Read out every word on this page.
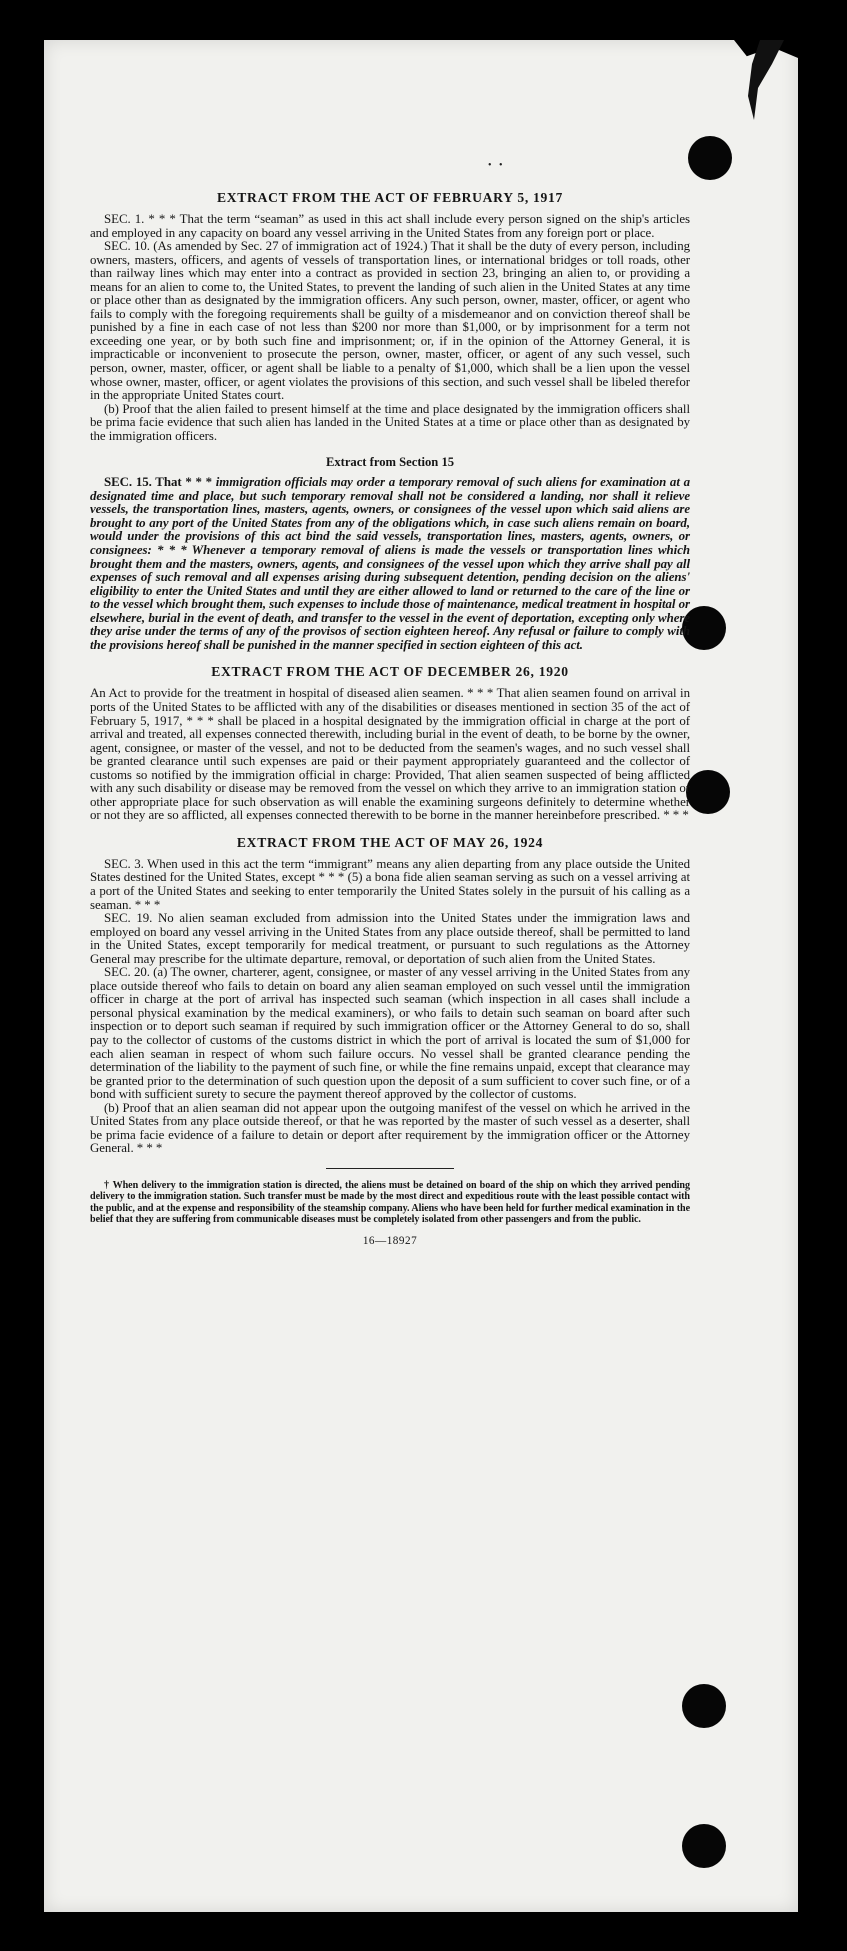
•   •
EXTRACT FROM THE ACT OF FEBRUARY 5, 1917

SEC. 1. * * * That the term “seaman” as used in this act shall include every person signed on the ship's articles and employed in any capacity on board any vessel arriving in the United States from any foreign port or place.

SEC. 10. (As amended by Sec. 27 of immigration act of 1924.) That it shall be the duty of every person, including owners, masters, officers, and agents of vessels of transportation lines, or international bridges or toll roads, other than railway lines which may enter into a contract as provided in section 23, bringing an alien to, or providing a means for an alien to come to, the United States, to prevent the landing of such alien in the United States at any time or place other than as designated by the immigration officers. Any such person, owner, master, officer, or agent who fails to comply with the foregoing requirements shall be guilty of a misdemeanor and on conviction thereof shall be punished by a fine in each case of not less than $200 nor more than $1,000, or by imprisonment for a term not exceeding one year, or by both such fine and imprisonment; or, if in the opinion of the Attorney General, it is impracticable or inconvenient to prosecute the person, owner, master, officer, or agent of any such vessel, such person, owner, master, officer, or agent shall be liable to a penalty of $1,000, which shall be a lien upon the vessel whose owner, master, officer, or agent violates the provisions of this section, and such vessel shall be libeled therefor in the appropriate United States court.

(b) Proof that the alien failed to present himself at the time and place designated by the immigration officers shall be prima facie evidence that such alien has landed in the United States at a time or place other than as designated by the immigration officers.

Extract from Section 15

SEC. 15. That * * * immigration officials may order a temporary removal of such aliens for examination at a designated time and place, but such temporary removal shall not be considered a landing, nor shall it relieve vessels, the transportation lines, masters, agents, owners, or consignees of the vessel upon which said aliens are brought to any port of the United States from any of the obligations which, in case such aliens remain on board, would under the provisions of this act bind the said vessels, transportation lines, masters, agents, owners, or consignees: * * * Whenever a temporary removal of aliens is made the vessels or transportation lines which brought them and the masters, owners, agents, and consignees of the vessel upon which they arrive shall pay all expenses of such removal and all expenses arising during subsequent detention, pending decision on the aliens' eligibility to enter the United States and until they are either allowed to land or returned to the care of the line or to the vessel which brought them, such expenses to include those of maintenance, medical treatment in hospital or elsewhere, burial in the event of death, and transfer to the vessel in the event of deportation, excepting only where they arise under the terms of any of the provisos of section eighteen hereof. Any refusal or failure to comply with the provisions hereof shall be punished in the manner specified in section eighteen of this act.

EXTRACT FROM THE ACT OF DECEMBER 26, 1920

An Act to provide for the treatment in hospital of diseased alien seamen. * * * That alien seamen found on arrival in ports of the United States to be afflicted with any of the disabilities or diseases mentioned in section 35 of the act of February 5, 1917, * * * shall be placed in a hospital designated by the immigration official in charge at the port of arrival and treated, all expenses connected therewith, including burial in the event of death, to be borne by the owner, agent, consignee, or master of the vessel, and not to be deducted from the seamen's wages, and no such vessel shall be granted clearance until such expenses are paid or their payment appropriately guaranteed and the collector of customs so notified by the immigration official in charge: Provided, That alien seamen suspected of being afflicted with any such disability or disease may be removed from the vessel on which they arrive to an immigration station or other appropriate place for such observation as will enable the examining surgeons definitely to determine whether or not they are so afflicted, all expenses connected therewith to be borne in the manner hereinbefore prescribed. * * *

EXTRACT FROM THE ACT OF MAY 26, 1924

SEC. 3. When used in this act the term “immigrant” means any alien departing from any place outside the United States destined for the United States, except * * * (5) a bona fide alien seaman serving as such on a vessel arriving at a port of the United States and seeking to enter temporarily the United States solely in the pursuit of his calling as a seaman. * * *

SEC. 19. No alien seaman excluded from admission into the United States under the immigration laws and employed on board any vessel arriving in the United States from any place outside thereof, shall be permitted to land in the United States, except temporarily for medical treatment, or pursuant to such regulations as the Attorney General may prescribe for the ultimate departure, removal, or deportation of such alien from the United States.

SEC. 20. (a) The owner, charterer, agent, consignee, or master of any vessel arriving in the United States from any place outside thereof who fails to detain on board any alien seaman employed on such vessel until the immigration officer in charge at the port of arrival has inspected such seaman (which inspection in all cases shall include a personal physical examination by the medical examiners), or who fails to detain such seaman on board after such inspection or to deport such seaman if required by such immigration officer or the Attorney General to do so, shall pay to the collector of customs of the customs district in which the port of arrival is located the sum of $1,000 for each alien seaman in respect of whom such failure occurs. No vessel shall be granted clearance pending the determination of the liability to the payment of such fine, or while the fine remains unpaid, except that clearance may be granted prior to the determination of such question upon the deposit of a sum sufficient to cover such fine, or of a bond with sufficient surety to secure the payment thereof approved by the collector of customs.

(b) Proof that an alien seaman did not appear upon the outgoing manifest of the vessel on which he arrived in the United States from any place outside thereof, or that he was reported by the master of such vessel as a deserter, shall be prima facie evidence of a failure to detain or deport after requirement by the immigration officer or the Attorney General. * * *

† When delivery to the immigration station is directed, the aliens must be detained on board of the ship on which they arrived pending delivery to the immigration station. Such transfer must be made by the most direct and expeditious route with the least possible contact with the public, and at the expense and responsibility of the steamship company. Aliens who have been held for further medical examination in the belief that they are suffering from communicable diseases must be completely isolated from other passengers and from the public.

16—18927
